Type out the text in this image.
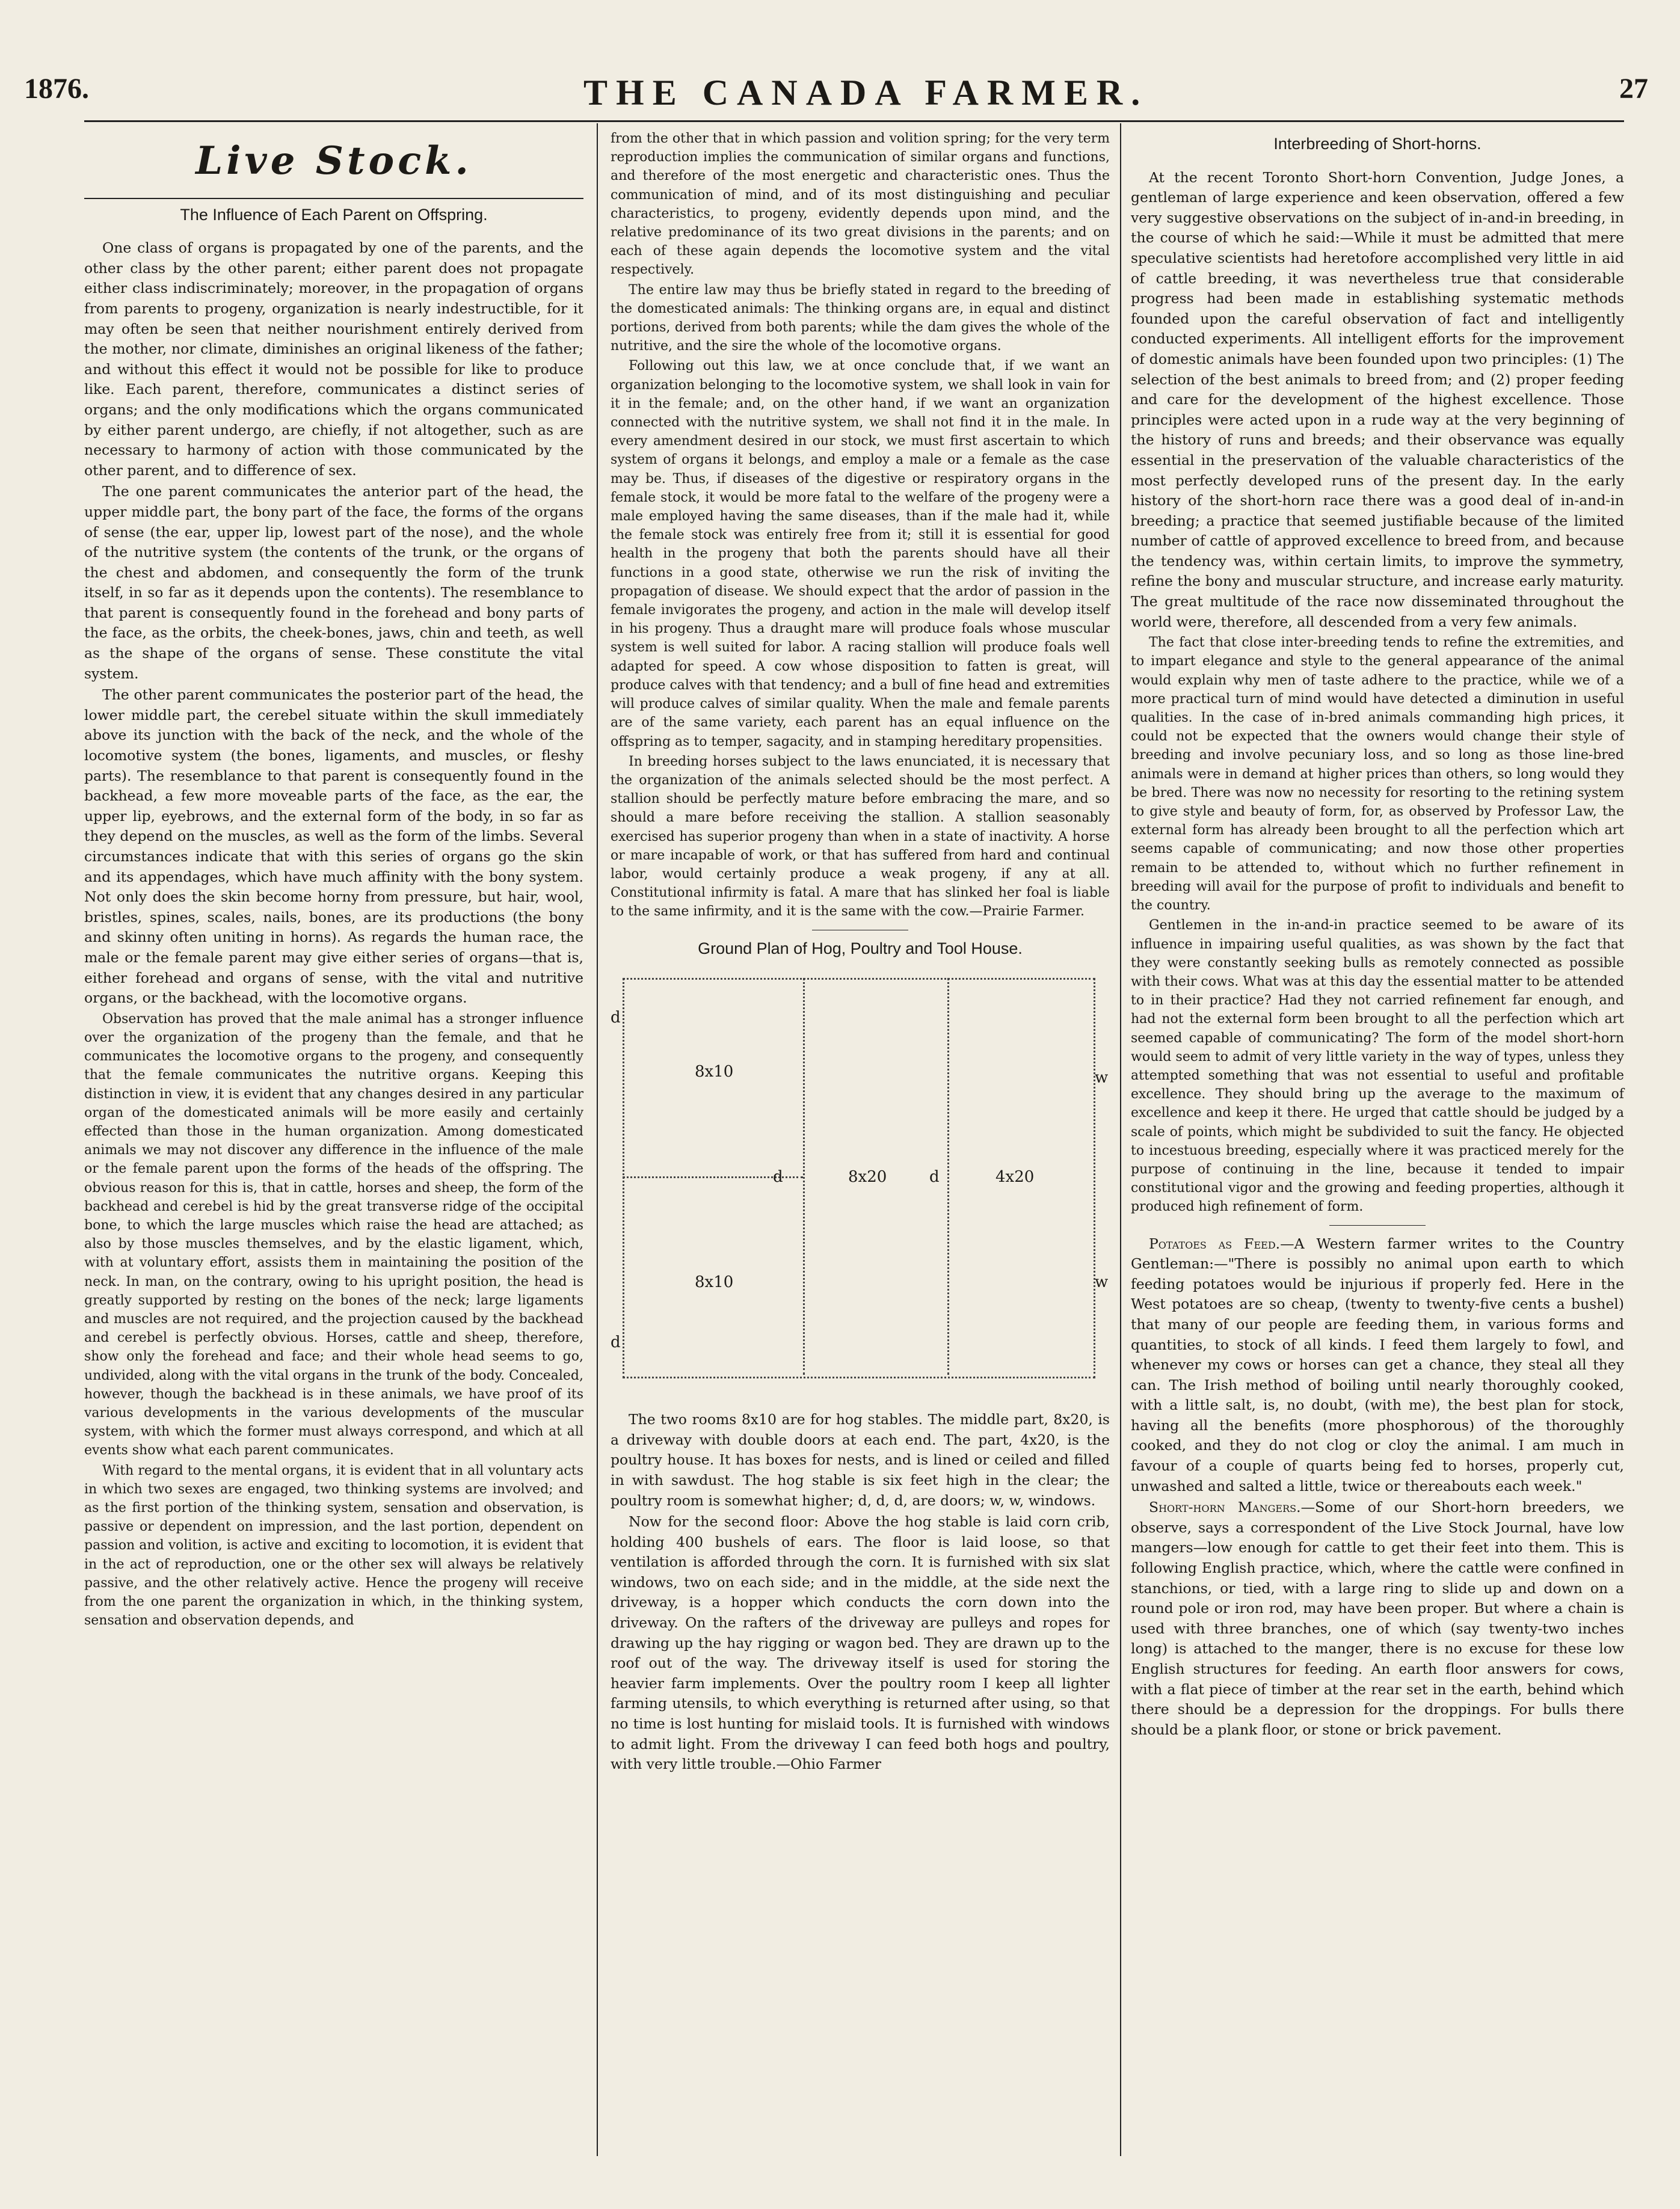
1876.	THE CANADA FARMER.	27
Live Stock.
The Influence of Each Parent on Offspring.

One class of organs is propagated by one of the parents, and the other class by the other parent; either parent does not propagate either class indiscriminately; moreover, in the propagation of organs from parents to progeny, organization is nearly indestructible, for it may often be seen that neither nourishment entirely derived from the mother, nor climate, diminishes an original likeness of the father; and without this effect it would not be possible for like to produce like. Each parent, therefore, communicates a distinct series of organs; and the only modifications which the organs communicated by either parent undergo, are chiefly, if not altogether, such as are necessary to harmony of action with those communicated by the other parent, and to difference of sex.

The one parent communicates the anterior part of the head, the upper middle part, the bony part of the face, the forms of the organs of sense (the ear, upper lip, lowest part of the nose), and the whole of the nutritive system (the contents of the trunk, or the organs of the chest and abdomen, and consequently the form of the trunk itself, in so far as it depends upon the contents). The resemblance to that parent is consequently found in the forehead and bony parts of the face, as the orbits, the cheek-bones, jaws, chin and teeth, as well as the shape of the organs of sense. These constitute the vital system.

The other parent communicates the posterior part of the head, the lower middle part, the cerebel situate within the skull immediately above its junction with the back of the neck, and the whole of the locomotive system (the bones, ligaments, and muscles, or fleshy parts). The resemblance to that parent is consequently found in the backhead, a few more moveable parts of the face, as the ear, the upper lip, eyebrows, and the external form of the body, in so far as they depend on the muscles, as well as the form of the limbs. Several circumstances indicate that with this series of organs go the skin and its appendages, which have much affinity with the bony system. Not only does the skin become horny from pressure, but hair, wool, bristles, spines, scales, nails, bones, are its productions (the bony and skinny often uniting in horns). As regards the human race, the male or the female parent may give either series of organs—that is, either forehead and organs of sense, with the vital and nutritive organs, or the backhead, with the locomotive organs.

Observation has proved that the male animal has a stronger influence over the organization of the progeny than the female, and that he communicates the locomotive organs to the progeny, and consequently that the female communicates the nutritive organs. Keeping this distinction in view, it is evident that any changes desired in any particular organ of the domesticated animals will be more easily and certainly effected than those in the human organization. Among domesticated animals we may not discover any difference in the influence of the male or the female parent upon the forms of the heads of the offspring. The obvious reason for this is, that in cattle, horses and sheep, the form of the backhead and cerebel is hid by the great transverse ridge of the occipital bone, to which the large muscles which raise the head are attached; as also by those muscles themselves, and by the elastic ligament, which, with at voluntary effort, assists them in maintaining the position of the neck. In man, on the contrary, owing to his upright position, the head is greatly supported by resting on the bones of the neck; large ligaments and muscles are not required, and the projection caused by the backhead and cerebel is perfectly obvious. Horses, cattle and sheep, therefore, show only the forehead and face; and their whole head seems to go, undivided, along with the vital organs in the trunk of the body. Concealed, however, though the backhead is in these animals, we have proof of its various developments in the various developments of the muscular system, with which the former must always correspond, and which at all events show what each parent communicates.

With regard to the mental organs, it is evident that in all voluntary acts in which two sexes are engaged, two thinking systems are involved; and as the first portion of the thinking system, sensation and observation, is passive or dependent on impression, and the last portion, dependent on passion and volition, is active and exciting to locomotion, it is evident that in the act of reproduction, one or the other sex will always be relatively passive, and the other relatively active. Hence the progeny will receive from the one parent the organization in which, in the thinking system, sensation and observation depends, and

from the other that in which passion and volition spring; for the very term reproduction implies the communication of similar organs and functions, and therefore of the most energetic and characteristic ones. Thus the communication of mind, and of its most distinguishing and peculiar characteristics, to progeny, evidently depends upon mind, and the relative predominance of its two great divisions in the parents; and on each of these again depends the locomotive system and the vital respectively.

The entire law may thus be briefly stated in regard to the breeding of the domesticated animals: The thinking organs are, in equal and distinct portions, derived from both parents; while the dam gives the whole of the nutritive, and the sire the whole of the locomotive organs.

Following out this law, we at once conclude that, if we want an organization belonging to the locomotive system, we shall look in vain for it in the female; and, on the other hand, if we want an organization connected with the nutritive system, we shall not find it in the male. In every amendment desired in our stock, we must first ascertain to which system of organs it belongs, and employ a male or a female as the case may be. Thus, if diseases of the digestive or respiratory organs in the female stock, it would be more fatal to the welfare of the progeny were a male employed having the same diseases, than if the male had it, while the female stock was entirely free from it; still it is essential for good health in the progeny that both the parents should have all their functions in a good state, otherwise we run the risk of inviting the propagation of disease. We should expect that the ardor of passion in the female invigorates the progeny, and action in the male will develop itself in his progeny. Thus a draught mare will produce foals whose muscular system is well suited for labor. A racing stallion will produce foals well adapted for speed. A cow whose disposition to fatten is great, will produce calves with that tendency; and a bull of fine head and extremities will produce calves of similar quality. When the male and female parents are of the same variety, each parent has an equal influence on the offspring as to temper, sagacity, and in stamping hereditary propensities.

In breeding horses subject to the laws enunciated, it is necessary that the organization of the animals selected should be the most perfect. A stallion should be perfectly mature before embracing the mare, and so should a mare before receiving the stallion. A stallion seasonably exercised has superior progeny than when in a state of inactivity. A horse or mare incapable of work, or that has suffered from hard and continual labor, would certainly produce a weak progeny, if any at all. Constitutional infirmity is fatal. A mare that has slinked her foal is liable to the same infirmity, and it is the same with the cow.—Prairie Farmer.

Ground Plan of Hog, Poultry and Tool House.
8x10
8x10
8x20	4x20
d
d
d	d
w
w

The two rooms 8x10 are for hog stables. The middle part, 8x20, is a driveway with double doors at each end. The part, 4x20, is the poultry house. It has boxes for nests, and is lined or ceiled and filled in with sawdust. The hog stable is six feet high in the clear; the poultry room is somewhat higher; d, d, d, are doors; w, w, windows.

Now for the second floor: Above the hog stable is laid corn crib, holding 400 bushels of ears. The floor is laid loose, so that ventilation is afforded through the corn. It is furnished with six slat windows, two on each side; and in the middle, at the side next the driveway, is a hopper which conducts the corn down into the driveway. On the rafters of the driveway are pulleys and ropes for drawing up the hay rigging or wagon bed. They are drawn up to the roof out of the way. The driveway itself is used for storing the heavier farm implements. Over the poultry room I keep all lighter farming utensils, to which everything is returned after using, so that no time is lost hunting for mislaid tools. It is furnished with windows to admit light. From the driveway I can feed both hogs and poultry, with very little trouble.—Ohio Farmer

Interbreeding of Short-horns.

At the recent Toronto Short-horn Convention, Judge Jones, a gentleman of large experience and keen observation, offered a few very suggestive observations on the subject of in-and-in breeding, in the course of which he said:—While it must be admitted that mere speculative scientists had heretofore accomplished very little in aid of cattle breeding, it was nevertheless true that considerable progress had been made in establishing systematic methods founded upon the careful observation of fact and intelligently conducted experiments. All intelligent efforts for the improvement of domestic animals have been founded upon two principles: (1) The selection of the best animals to breed from; and (2) proper feeding and care for the development of the highest excellence. Those principles were acted upon in a rude way at the very beginning of the history of runs and breeds; and their observance was equally essential in the preservation of the valuable characteristics of the most perfectly developed runs of the present day. In the early history of the short-horn race there was a good deal of in-and-in breeding; a practice that seemed justifiable because of the limited number of cattle of approved excellence to breed from, and because the tendency was, within certain limits, to improve the symmetry, refine the bony and muscular structure, and increase early maturity. The great multitude of the race now disseminated throughout the world were, therefore, all descended from a very few animals.

The fact that close inter-breeding tends to refine the extremities, and to impart elegance and style to the general appearance of the animal would explain why men of taste adhere to the practice, while we of a more practical turn of mind would have detected a diminution in useful qualities. In the case of in-bred animals commanding high prices, it could not be expected that the owners would change their style of breeding and involve pecuniary loss, and so long as those line-bred animals were in demand at higher prices than others, so long would they be bred. There was now no necessity for resorting to the retining system to give style and beauty of form, for, as observed by Professor Law, the external form has already been brought to all the perfection which art seems capable of communicating; and now those other properties remain to be attended to, without which no further refinement in breeding will avail for the purpose of profit to individuals and benefit to the country.

Gentlemen in the in-and-in practice seemed to be aware of its influence in impairing useful qualities, as was shown by the fact that they were constantly seeking bulls as remotely connected as possible with their cows. What was at this day the essential matter to be attended to in their practice? Had they not carried refinement far enough, and had not the external form been brought to all the perfection which art seemed capable of communicating? The form of the model short-horn would seem to admit of very little variety in the way of types, unless they attempted something that was not essential to useful and profitable excellence. They should bring up the average to the maximum of excellence and keep it there. He urged that cattle should be judged by a scale of points, which might be subdivided to suit the fancy. He objected to incestuous breeding, especially where it was practiced merely for the purpose of continuing in the line, because it tended to impair constitutional vigor and the growing and feeding properties, although it produced high refinement of form.

Potatoes as Feed.—A Western farmer writes to the Country Gentleman:—"There is possibly no animal upon earth to which feeding potatoes would be injurious if properly fed. Here in the West potatoes are so cheap, (twenty to twenty-five cents a bushel) that many of our people are feeding them, in various forms and quantities, to stock of all kinds. I feed them largely to fowl, and whenever my cows or horses can get a chance, they steal all they can. The Irish method of boiling until nearly thoroughly cooked, with a little salt, is, no doubt, (with me), the best plan for stock, having all the benefits (more phosphorous) of the thoroughly cooked, and they do not clog or cloy the animal. I am much in favour of a couple of quarts being fed to horses, properly cut, unwashed and salted a little, twice or thereabouts each week."

Short-horn Mangers.—Some of our Short-horn breeders, we observe, says a correspondent of the Live Stock Journal, have low mangers—low enough for cattle to get their feet into them. This is following English practice, which, where the cattle were confined in stanchions, or tied, with a large ring to slide up and down on a round pole or iron rod, may have been proper. But where a chain is used with three branches, one of which (say twenty-two inches long) is attached to the manger, there is no excuse for these low English structures for feeding. An earth floor answers for cows, with a flat piece of timber at the rear set in the earth, behind which there should be a depression for the droppings. For bulls there should be a plank floor, or stone or brick pavement.
